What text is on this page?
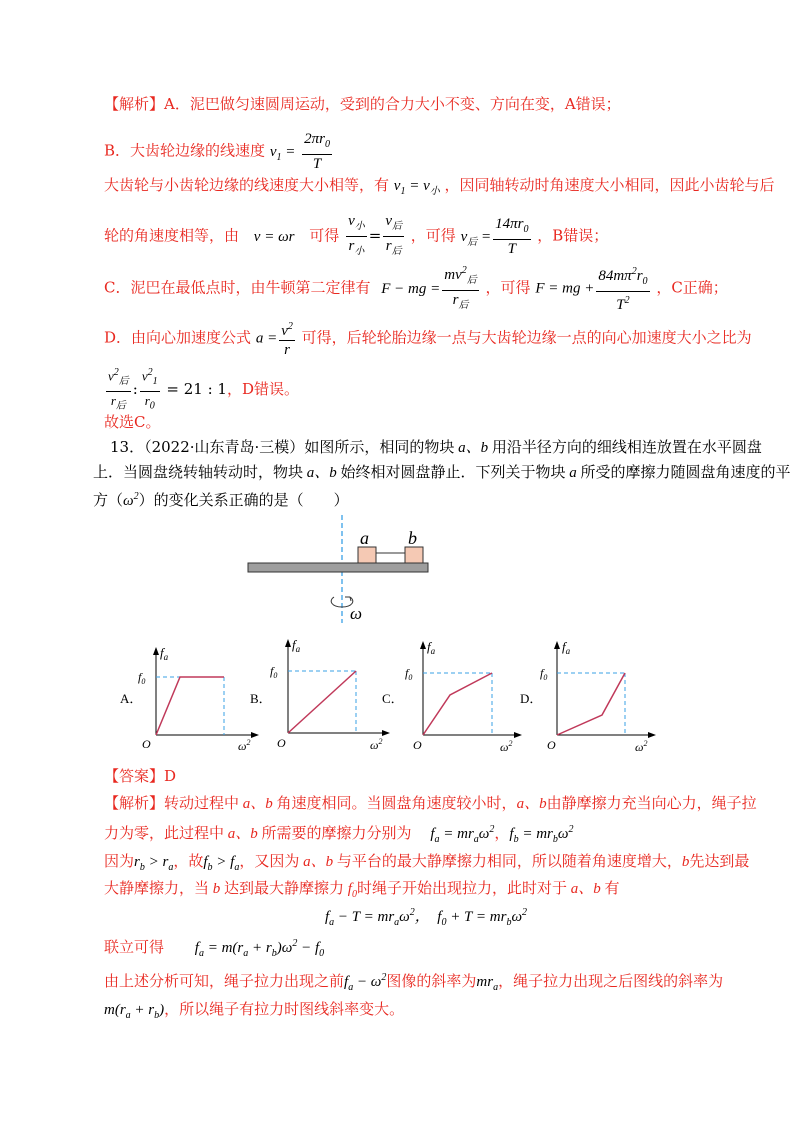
【解析】A．泥巴做匀速圆周运动，受到的合力大小不变、方向在变，A错误；
B．大齿轮边缘的线速度 $v_1 = \frac{2\pi r_0}{T}$
大齿轮与小齿轮边缘的线速度大小相等，有 $v_1 = v_小$ ，因同轴转动时角速度大小相同，因此小齿轮与后
轮的角速度相等，由 v = ωr 可得
$v_小$
$r_小$
=
$v_后$
$r_后$
，可得 $v_后 = \frac{14\pi r_0}{T}$ ，B错误；
C．泥巴在最低点时，由牛顿第二定律有 F − mg =
$mv^2_后$
$r_后$
，可得 F = mg + $\frac{84m\pi^2r_0}{T^2}$ ，C正确；
D．由向心加速度公式 $a = \frac{v^2}{r}$ 可得，后轮轮胎边缘一点与大齿轮边缘一点的向心加速度大小之比为
$v^2_后$
$r_后$
: $\frac{v^2_1}{r_0} = 21$ : 1，D错误。
故选C。
13．（2022·山东青岛·三模）如图所示，相同的物块 a、b 用沿半径方向的细线相连放置在水平圆盘
上．当圆盘绕转轴转动时，物块 a、b 始终相对圆盘静止．下列关于物块 a 所受的摩擦力随圆盘角速度的平
方$(\omega^2)$的变化关系正确的是（　　）
a b
ω
A．
$f_a$
$f_0$
O	$\omega^2$
B．
$f_a$
$f_0$
O	$\omega^2$
C．
$f_a$
$f_0$
O	$\omega^2$
D．
$f_a$
$f_0$
O	$\omega^2$
【答案】D
【解析】转动过程中 a、b 角速度相同。当圆盘角速度较小时，a、b由静摩擦力充当向心力，绳子拉
力为零，此过程中 a、b 所需要的摩擦力分别为 $f_a = mr_a\omega^2$，$f_b = mr_b\omega^2$
因为$r_b > r_a$，故$f_b > f_a$，又因为 a、b 与平台的最大静摩擦力相同，所以随着角速度增大，b先达到最
大静摩擦力，当 b 达到最大静摩擦力 $f_0$时绳子开始出现拉力，此时对于 a、b 有
$f_a - T = mr_a\omega^2$，  $f_0 + T = mr_b\omega^2$
联立可得 $f_a = m(r_a + r_b)\omega^2 - f_0$
由上述分析可知，绳子拉力出现之前$f_a - \omega^2$图像的斜率为$mr_a$，绳子拉力出现之后图线的斜率为
$m(r_a + r_b)$，所以绳子有拉力时图线斜率变大。
